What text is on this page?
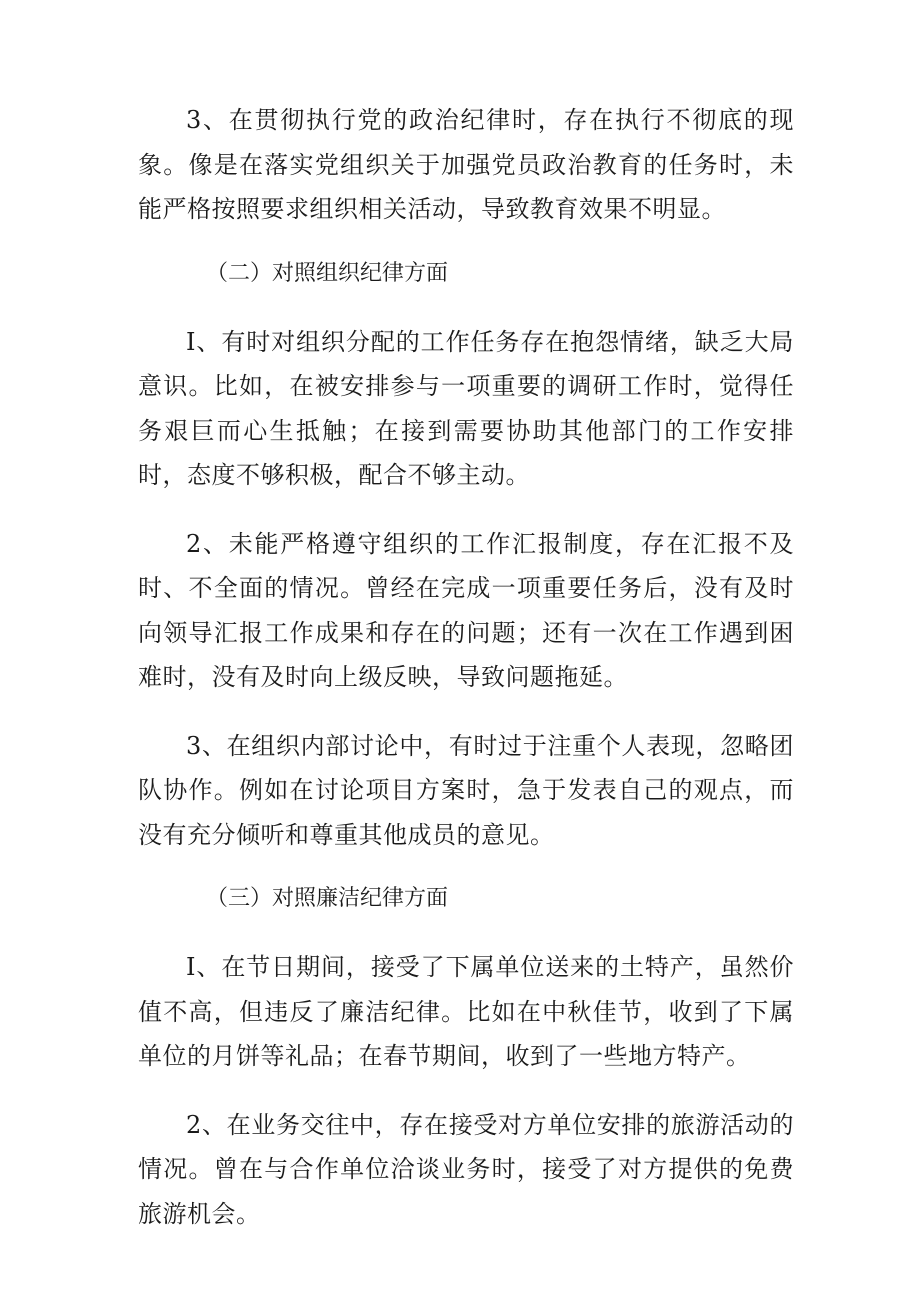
3、在贯彻执行党的政治纪律时，存在执行不彻底的现象。像是在落实党组织关于加强党员政治教育的任务时，未能严格按照要求组织相关活动，导致教育效果不明显。

（二）对照组织纪律方面

I、有时对组织分配的工作任务存在抱怨情绪，缺乏大局意识。比如，在被安排参与一项重要的调研工作时，觉得任务艰巨而心生抵触；在接到需要协助其他部门的工作安排时，态度不够积极，配合不够主动。

2、未能严格遵守组织的工作汇报制度，存在汇报不及时、不全面的情况。曾经在完成一项重要任务后，没有及时向领导汇报工作成果和存在的问题；还有一次在工作遇到困难时，没有及时向上级反映，导致问题拖延。

3、在组织内部讨论中，有时过于注重个人表现，忽略团队协作。例如在讨论项目方案时，急于发表自己的观点，而没有充分倾听和尊重其他成员的意见。

（三）对照廉洁纪律方面

I、在节日期间，接受了下属单位送来的土特产，虽然价值不高，但违反了廉洁纪律。比如在中秋佳节，收到了下属单位的月饼等礼品；在春节期间，收到了一些地方特产。

2、在业务交往中，存在接受对方单位安排的旅游活动的情况。曾在与合作单位洽谈业务时，接受了对方提供的免费旅游机会。
